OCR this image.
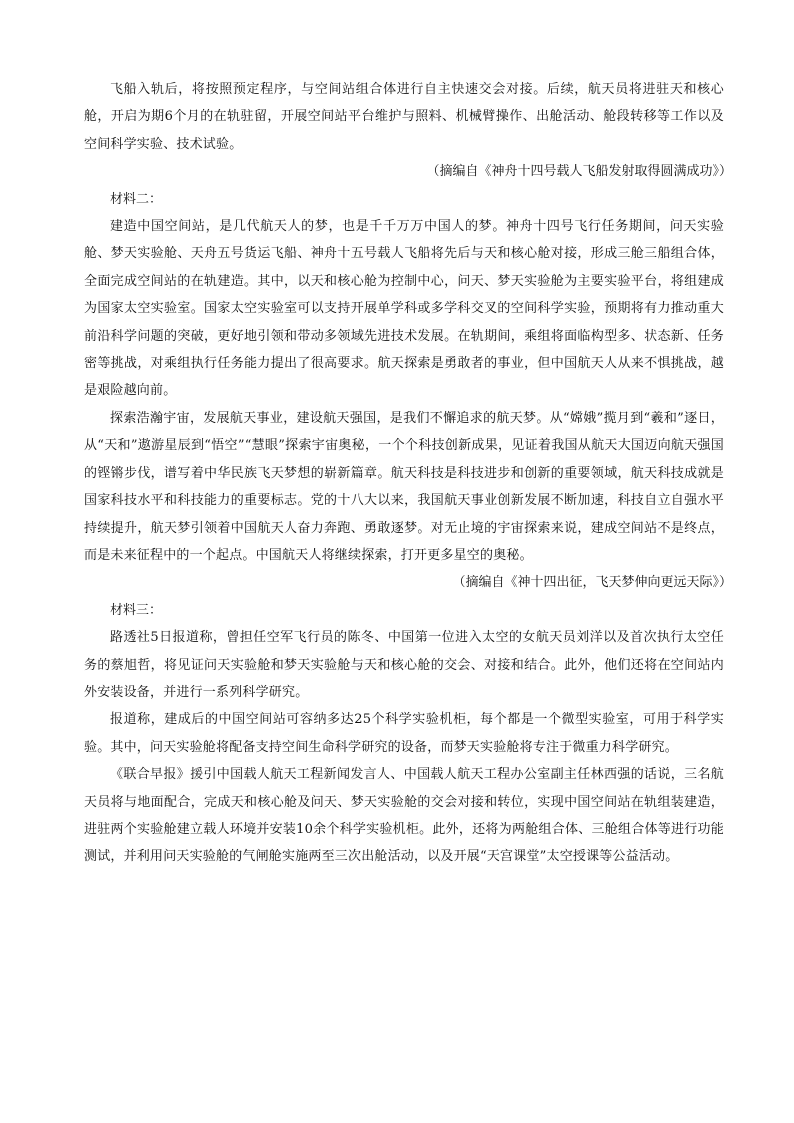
飞船入轨后，将按照预定程序，与空间站组合体进行自主快速交会对接。后续，航天员将进驻天和核心舱，开启为期6个月的在轨驻留，开展空间站平台维护与照料、机械臂操作、出舱活动、舱段转移等工作以及空间科学实验、技术试验。

（摘编自《神舟十四号载人飞船发射取得圆满成功》）

材料二：

建造中国空间站，是几代航天人的梦，也是千千万万中国人的梦。神舟十四号飞行任务期间，问天实验舱、梦天实验舱、天舟五号货运飞船、神舟十五号载人飞船将先后与天和核心舱对接，形成三舱三船组合体，全面完成空间站的在轨建造。其中，以天和核心舱为控制中心，问天、梦天实验舱为主要实验平台，将组建成为国家太空实验室。国家太空实验室可以支持开展单学科或多学科交叉的空间科学实验，预期将有力推动重大前沿科学问题的突破，更好地引领和带动多领域先进技术发展。在轨期间，乘组将面临构型多、状态新、任务密等挑战，对乘组执行任务能力提出了很高要求。航天探索是勇敢者的事业，但中国航天人从来不惧挑战，越是艰险越向前。

探索浩瀚宇宙，发展航天事业，建设航天强国，是我们不懈追求的航天梦。从“嫦娥”揽月到“羲和”逐日，从“天和”遨游星辰到“悟空”“慧眼”探索宇宙奥秘，一个个科技创新成果，见证着我国从航天大国迈向航天强国的铿锵步伐，谱写着中华民族飞天梦想的崭新篇章。航天科技是科技进步和创新的重要领域，航天科技成就是国家科技水平和科技能力的重要标志。党的十八大以来，我国航天事业创新发展不断加速，科技自立自强水平持续提升，航天梦引领着中国航天人奋力奔跑、勇敢逐梦。对无止境的宇宙探索来说，建成空间站不是终点，而是未来征程中的一个起点。中国航天人将继续探索，打开更多星空的奥秘。

（摘编自《神十四出征，飞天梦伸向更远天际》）

材料三：

路透社5日报道称，曾担任空军飞行员的陈冬、中国第一位进入太空的女航天员刘洋以及首次执行太空任务的蔡旭哲，将见证问天实验舱和梦天实验舱与天和核心舱的交会、对接和结合。此外，他们还将在空间站内外安装设备，并进行一系列科学研究。

报道称，建成后的中国空间站可容纳多达25个科学实验机柜，每个都是一个微型实验室，可用于科学实验。其中，问天实验舱将配备支持空间生命科学研究的设备，而梦天实验舱将专注于微重力科学研究。

《联合早报》援引中国载人航天工程新闻发言人、中国载人航天工程办公室副主任林西强的话说，三名航天员将与地面配合，完成天和核心舱及问天、梦天实验舱的交会对接和转位，实现中国空间站在轨组装建造，进驻两个实验舱建立载人环境并安装10余个科学实验机柜。此外，还将为两舱组合体、三舱组合体等进行功能测试，并利用问天实验舱的气闸舱实施两至三次出舱活动，以及开展“天宫课堂”太空授课等公益活动。
